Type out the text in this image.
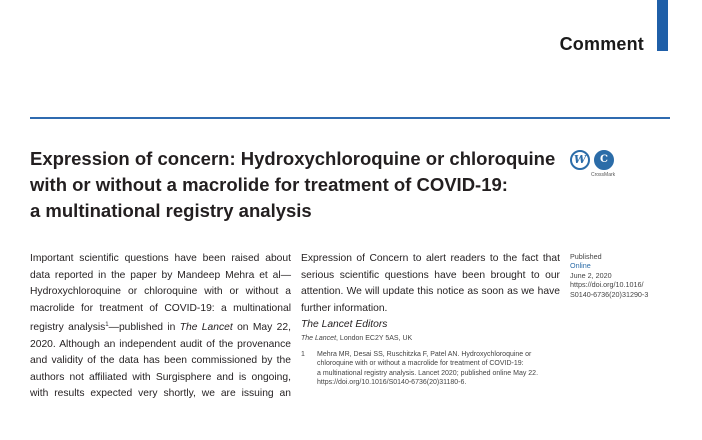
Comment
Expression of concern: Hydroxychloroquine or chloroquine
with or without a macrolide for treatment of COVID-19:
a multinational registry analysis
W	C
CrossMark
Important scientific questions have been raised about
data reported in the paper by Mandeep Mehra et al—
Hydroxychloroquine or chloroquine with or without a
macrolide for treatment of COVID-19: a multinational
registry analysis$^1$—published in The Lancet on May 22,
2020. Although an independent audit of the provenance
and validity of the data has been commissioned by the
authors not affiliated with Surgisphere and is ongoing,
with results expected very shortly, we are issuing an
Expression of Concern to alert readers to the fact that
serious scientific questions have been brought to our
attention. We will update this notice as soon as we have
further information.
The Lancet Editors
The Lancet, London EC2Y 5AS, UK
1 Mehra MR, Desai SS, Ruschitzka F, Patel AN. Hydroxychloroquine or
chloroquine with or without a macrolide for treatment of COVID-19:
a multinational registry analysis. Lancet 2020; published online May 22.
https://doi.org/10.1016/S0140-6736(20)31180-6.
Published
Online
June 2, 2020
https://doi.org/10.1016/
S0140-6736(20)31290-3
